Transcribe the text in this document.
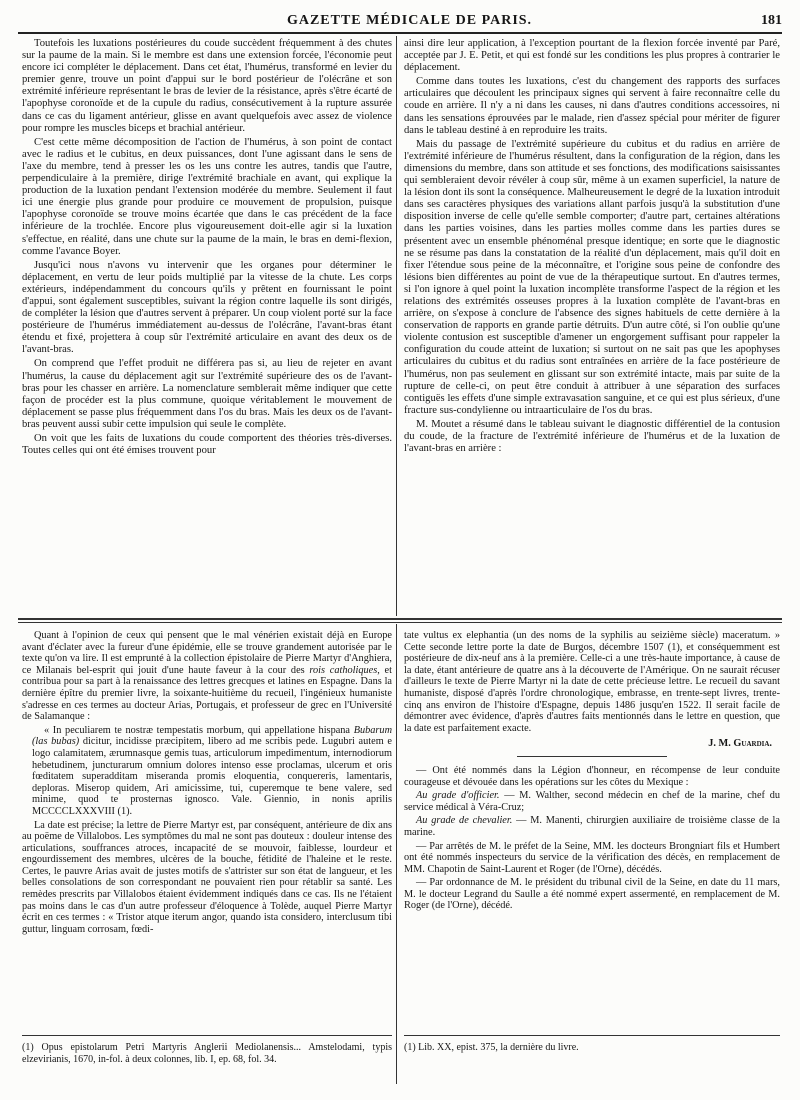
GAZETTE MÉDICALE DE PARIS.	181

Toutefois les luxations postérieures du coude succèdent fréquemment à des chutes sur la paume de la main. Si le membre est dans une extension forcée, l'économie peut encore ici compléter le déplacement. Dans cet état, l'humérus, transformé en levier du premier genre, trouve un point d'appui sur le bord postérieur de l'olécrâne et son extrémité inférieure représentant le bras de levier de la résistance, après s'être écarté de l'apophyse coronoïde et de la cupule du radius, consécutivement à la rupture assurée dans ce cas du ligament antérieur, glisse en avant quelquefois avec assez de violence pour rompre les muscles biceps et brachial antérieur.

C'est cette même décomposition de l'action de l'humérus, à son point de contact avec le radius et le cubitus, en deux puissances, dont l'une agissant dans le sens de l'axe du membre, tend à presser les os les uns contre les autres, tandis que l'autre, perpendiculaire à la première, dirige l'extrémité brachiale en avant, qui explique la production de la luxation pendant l'extension modérée du membre. Seulement il faut ici une énergie plus grande pour produire ce mouvement de propulsion, puisque l'apophyse coronoïde se trouve moins écartée que dans le cas précédent de la face inférieure de la trochlée. Encore plus vigoureusement doit-elle agir si la luxation s'effectue, en réalité, dans une chute sur la paume de la main, le bras en demi-flexion, comme l'avance Boyer.

Jusqu'ici nous n'avons vu intervenir que les organes pour déterminer le déplacement, en vertu de leur poids multiplié par la vitesse de la chute. Les corps extérieurs, indépendamment du concours qu'ils y prêtent en fournissant le point d'appui, sont également susceptibles, suivant la région contre laquelle ils sont dirigés, de compléter la lésion que d'autres servent à préparer. Un coup violent porté sur la face postérieure de l'humérus immédiatement au-dessus de l'olécrâne, l'avant-bras étant étendu et fixé, projettera à coup sûr l'extrémité articulaire en avant des deux os de l'avant-bras.

On comprend que l'effet produit ne différera pas si, au lieu de rejeter en avant l'humérus, la cause du déplacement agit sur l'extrémité supérieure des os de l'avant-bras pour les chasser en arrière. La nomenclature semblerait même indiquer que cette façon de procéder est la plus commune, quoique véritablement le mouvement de déplacement se passe plus fréquemment dans l'os du bras. Mais les deux os de l'avant-bras peuvent aussi subir cette impulsion qui seule le complète.

On voit que les faits de luxations du coude comportent des théories très-diverses. Toutes celles qui ont été émises trouvent pour

ainsi dire leur application, à l'exception pourtant de la flexion forcée inventé par Paré, acceptée par J. E. Petit, et qui est fondé sur les conditions les plus propres à contrarier le déplacement.

Comme dans toutes les luxations, c'est du changement des rapports des surfaces articulaires que découlent les principaux signes qui servent à faire reconnaître celle du coude en arrière. Il n'y a ni dans les causes, ni dans d'autres conditions accessoires, ni dans les sensations éprouvées par le malade, rien d'assez spécial pour mériter de figurer dans le tableau destiné à en reproduire les traits.

Mais du passage de l'extrémité supérieure du cubitus et du radius en arrière de l'extrémité inférieure de l'humérus résultent, dans la configuration de la région, dans les dimensions du membre, dans son attitude et ses fonctions, des modifications saisissantes qui sembleraient devoir révéler à coup sûr, même à un examen superficiel, la nature de la lésion dont ils sont la conséquence. Malheureusement le degré de la luxation introduit dans ses caractères physiques des variations allant parfois jusqu'à la substitution d'une disposition inverse de celle qu'elle semble comporter; d'autre part, certaines altérations dans les parties voisines, dans les parties molles comme dans les parties dures se présentent avec un ensemble phénoménal presque identique; en sorte que le diagnostic ne se résume pas dans la constatation de la réalité d'un déplacement, mais qu'il doit en fixer l'étendue sous peine de la méconnaître, et l'origine sous peine de confondre des lésions bien différentes au point de vue de la thérapeutique surtout. En d'autres termes, si l'on ignore à quel point la luxation incomplète transforme l'aspect de la région et les relations des extrémités osseuses propres à la luxation complète de l'avant-bras en arrière, on s'expose à conclure de l'absence des signes habituels de cette dernière à la conservation de rapports en grande partie détruits. D'un autre côté, si l'on oublie qu'une violente contusion est susceptible d'amener un engorgement suffisant pour rappeler la configuration du coude atteint de luxation; si surtout on ne sait pas que les apophyses articulaires du cubitus et du radius sont entraînées en arrière de la face postérieure de l'humérus, non pas seulement en glissant sur son extrémité intacte, mais par suite de la rupture de celle-ci, on peut être conduit à attribuer à une séparation des surfaces contiguës les effets d'une simple extravasation sanguine, et ce qui est plus sérieux, d'une fracture sus-condylienne ou intraarticulaire de l'os du bras.

M. Moutet a résumé dans le tableau suivant le diagnostic différentiel de la contusion du coude, de la fracture de l'extrémité inférieure de l'humérus et de la luxation de l'avant-bras en arrière :

Quant à l'opinion de ceux qui pensent que le mal vénérien existait déjà en Europe avant d'éclater avec la fureur d'une épidémie, elle se trouve grandement autorisée par le texte qu'on va lire. Il est emprunté à la collection épistolaire de Pierre Martyr d'Anghiera, ce Milanais bel-esprit qui jouit d'une haute faveur à la cour des rois catholiques, et contribua pour sa part à la renaissance des lettres grecques et latines en Espagne. Dans la dernière épître du premier livre, la soixante-huitième du recueil, l'ingénieux humaniste s'adresse en ces termes au docteur Arias, Portugais, et professeur de grec en l'Université de Salamanque :

« In peculiarem te nostræ tempestatis morbum, qui appellatione hispana Bubarum (las bubas) dicitur, incidisse præcipitem, libero ad me scribis pede. Lugubri autem e logo calamitatem, ærumnasque gemis tuas, articulorum impedimentum, internodiorum hebetudinem, juncturarum omnium dolores intenso esse proclamas, ulcerum et oris fœditatem superadditam miseranda promis eloquentia, conquereris, lamentaris, deploras. Miserор quidem, Ari amicissime, tui, cuperemque te bene valere, sed minime, quod te prosternas ignosco. Vale. Giennio, in nonis aprilis MCCCCLXXXVIII (1).

La date est précise; la lettre de Pierre Martyr est, par conséquent, antérieure de dix ans au poëme de Villalobos. Les symptômes du mal ne sont pas douteux : douleur intense des articulations, souffrances atroces, incapacité de se mouvoir, faiblesse, lourdeur et engourdissement des membres, ulcères de la bouche, fétidité de l'haleine et le reste. Certes, le pauvre Arias avait de justes motifs de s'attrister sur son état de langueur, et les belles consolations de son correspondant ne pouvaient rien pour rétablir sa santé. Les remèdes prescrits par Villalobos étaient évidemment indiqués dans ce cas. Ils ne l'étaient pas moins dans le cas d'un autre professeur d'éloquence à Tolède, auquel Pierre Martyr écrit en ces termes : « Tristor atque iterum angor, quando ista considero, interclusum tibi guttur, linguam corrosam, fœdi-

tate vultus ex elephantia (un des noms de la syphilis au seizième siècle) maceratum. » Cette seconde lettre porte la date de Burgos, décembre 1507 (1), et conséquemment est postérieure de dix-neuf ans à la première. Celle-ci a une très-haute importance, à cause de la date, étant antérieure de quatre ans à la découverte de l'Amérique. On ne saurait récuser d'ailleurs le texte de Pierre Martyr ni la date de cette précieuse lettre. Le recueil du savant humaniste, disposé d'après l'ordre chronologique, embrasse, en trente-sept livres, trente-cinq ans environ de l'histoire d'Espagne, depuis 1486 jusqu'en 1522. Il serait facile de démontrer avec évidence, d'après d'autres faits mentionnés dans le lettre en question, que la date est parfaitement exacte.

J. M. Guardia.

— Ont été nommés dans la Légion d'honneur, en récompense de leur conduite courageuse et dévouée dans les opérations sur les côtes du Mexique :

Au grade d'officier. — M. Walther, second médecin en chef de la marine, chef du service médical à Véra-Cruz;

Au grade de chevalier. — M. Manenti, chirurgien auxiliaire de troisième classe de la marine.

— Par arrêtés de M. le préfet de la Seine, MM. les docteurs Brongniart fils et Humbert ont été nommés inspecteurs du service de la vérification des décès, en remplacement de MM. Chapotin de Saint-Laurent et Roger (de l'Orne), décédés.

— Par ordonnance de M. le président du tribunal civil de la Seine, en date du 11 mars, M. le docteur Legrand du Saulle a été nommé expert assermenté, en remplacement de M. Roger (de l'Orne), décédé.

(1) Opus epistolarum Petri Martyris Anglerii Mediolanensis... Amstelodami, typis elzevirianis, 1670, in-fol. à deux colonnes, lib. I, ep. 68, fol. 34.
(1) Lib. XX, epist. 375, la dernière du livre.
